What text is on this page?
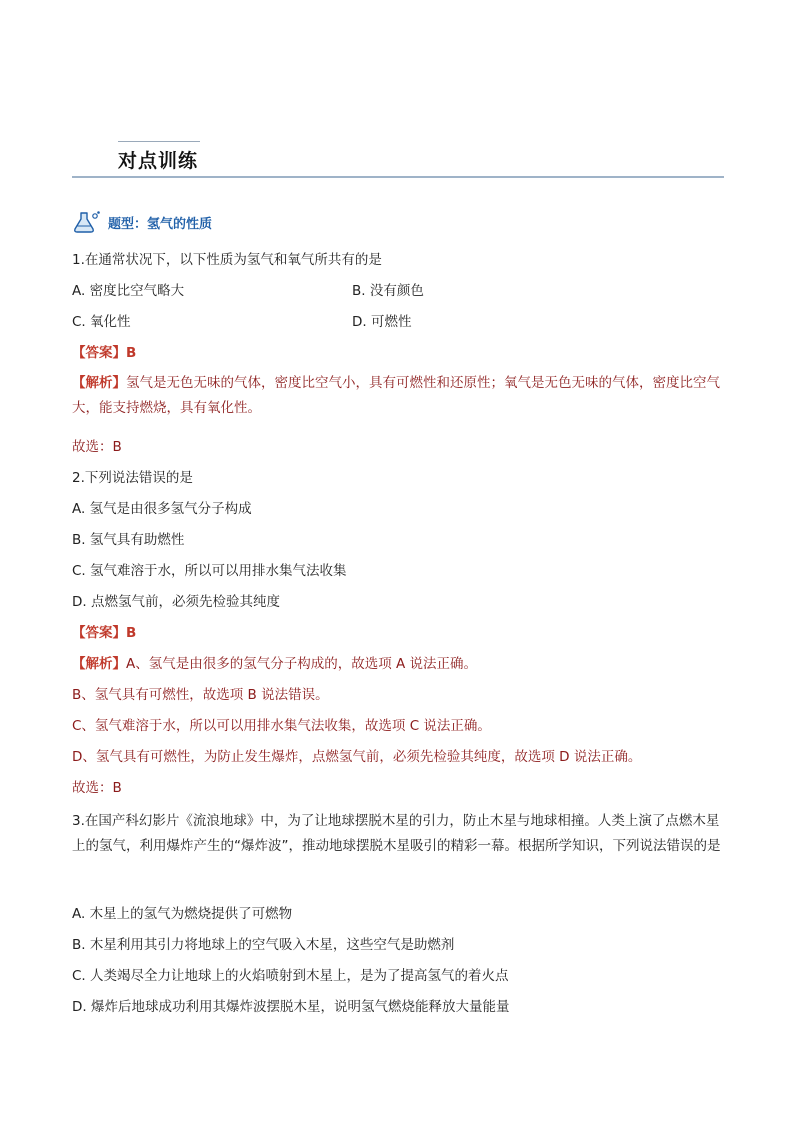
对点训练
题型：氢气的性质
1.在通常状况下，以下性质为氢气和氧气所共有的是
A. 密度比空气略大	B. 没有颜色
C. 氧化性	D. 可燃性
【答案】B
【解析】氢气是无色无味的气体，密度比空气小，具有可燃性和还原性；氧气是无色无味的气体，密度比空气大，能支持燃烧，具有氧化性。
故选：B
2.下列说法错误的是
A. 氢气是由很多氢气分子构成
B. 氢气具有助燃性
C. 氢气难溶于水，所以可以用排水集气法收集
D. 点燃氢气前，必须先检验其纯度
【答案】B
【解析】A、氢气是由很多的氢气分子构成的，故选项 A 说法正确。
B、氢气具有可燃性，故选项 B 说法错误。
C、氢气难溶于水，所以可以用排水集气法收集，故选项 C 说法正确。
D、氢气具有可燃性，为防止发生爆炸，点燃氢气前，必须先检验其纯度，故选项 D 说法正确。
故选：B
3.在国产科幻影片《流浪地球》中，为了让地球摆脱木星的引力，防止木星与地球相撞。人类上演了点燃木星上的氢气，利用爆炸产生的“爆炸波”，推动地球摆脱木星吸引的精彩一幕。根据所学知识，下列说法错误的是
A. 木星上的氢气为燃烧提供了可燃物
B. 木星利用其引力将地球上的空气吸入木星，这些空气是助燃剂
C. 人类竭尽全力让地球上的火焰喷射到木星上，是为了提高氢气的着火点
D. 爆炸后地球成功利用其爆炸波摆脱木星，说明氢气燃烧能释放大量能量
